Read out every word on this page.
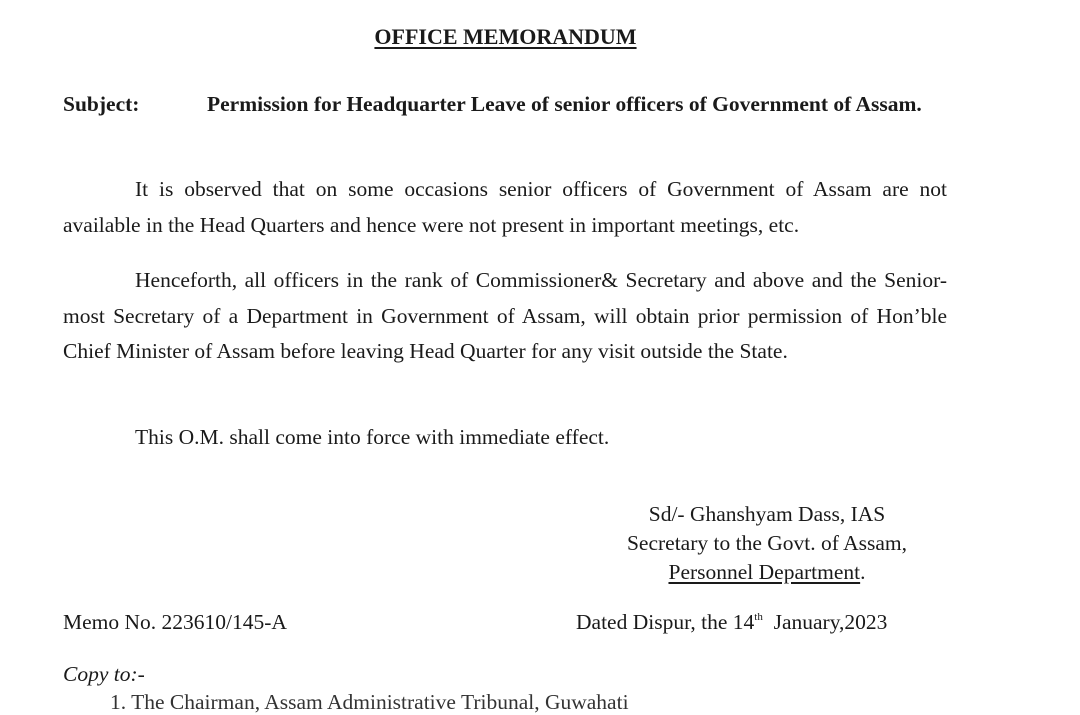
OFFICE MEMORANDUM
Subject:	Permission for Headquarter Leave of senior officers of Government of Assam.

It is observed that on some occasions senior officers of Government of Assam are not available in the Head Quarters and hence were not present in important meetings, etc.

Henceforth, all officers in the rank of Commissioner& Secretary and above and the Senior-most Secretary of a Department in Government of Assam, will obtain prior permission of Hon’ble Chief Minister of Assam before leaving Head Quarter for any visit outside the State.

This O.M. shall come into force with immediate effect.

Sd/- Ghanshyam Dass, IAS
Secretary to the Govt. of Assam,
Personnel Department.
Memo No. 223610/145-A	Dated Dispur, the 14th  January,2023
Copy to:-
1. The Chairman, Assam Administrative Tribunal, Guwahati
